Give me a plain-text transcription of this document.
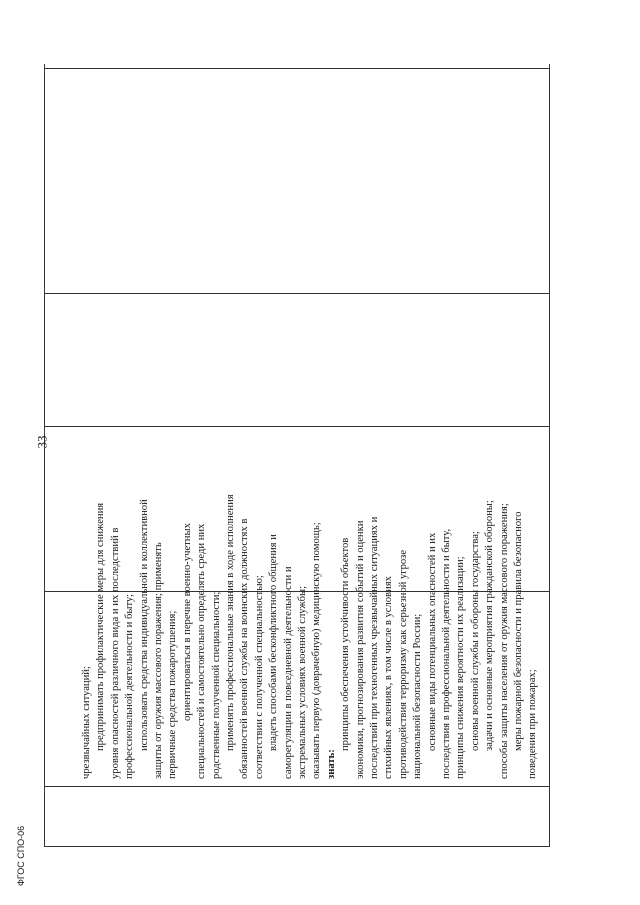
чрезвычайных ситуаций; предпринимать профилактические меры для снижения уровня опасностей различного вида и их последствий в профессиональной деятельности и быту; использовать средства индивидуальной и коллективной защиты от оружия массового поражения; применять первичные средства пожаротушения; ориентироваться в перечне военно-учетных специальностей и самостоятельно определять среди них родственные полученной специальности; применять профессиональные знания в ходе исполнения обязанностей военной службы на воинских должностях в соответствии с полученной специальностью; владеть способами бесконфликтного общения и саморегуляции в повседневной деятельности и экстремальных условиях военной службы; оказывать первую (доврачебную) медицинскую помощь; знать:
принципы обеспечения устойчивости объектов экономики, прогнозирования развития событий и оценки последствий при техногенных чрезвычайных ситуациях и стихийных явлениях, в том числе в условиях противодействия терроризму как серьезной угрозе национальной безопасности России; основные виды потенциальных опасностей и их последствия в профессиональной деятельности и быту, принципы снижения вероятности их реализации; основы военной службы и обороны государства; задачи и основные мероприятия гражданской обороны; способы защиты населения от оружия массового поражения; меры пожарной безопасности и правила безопасного поведения при пожарах;
33
ФГОС СПО-06
